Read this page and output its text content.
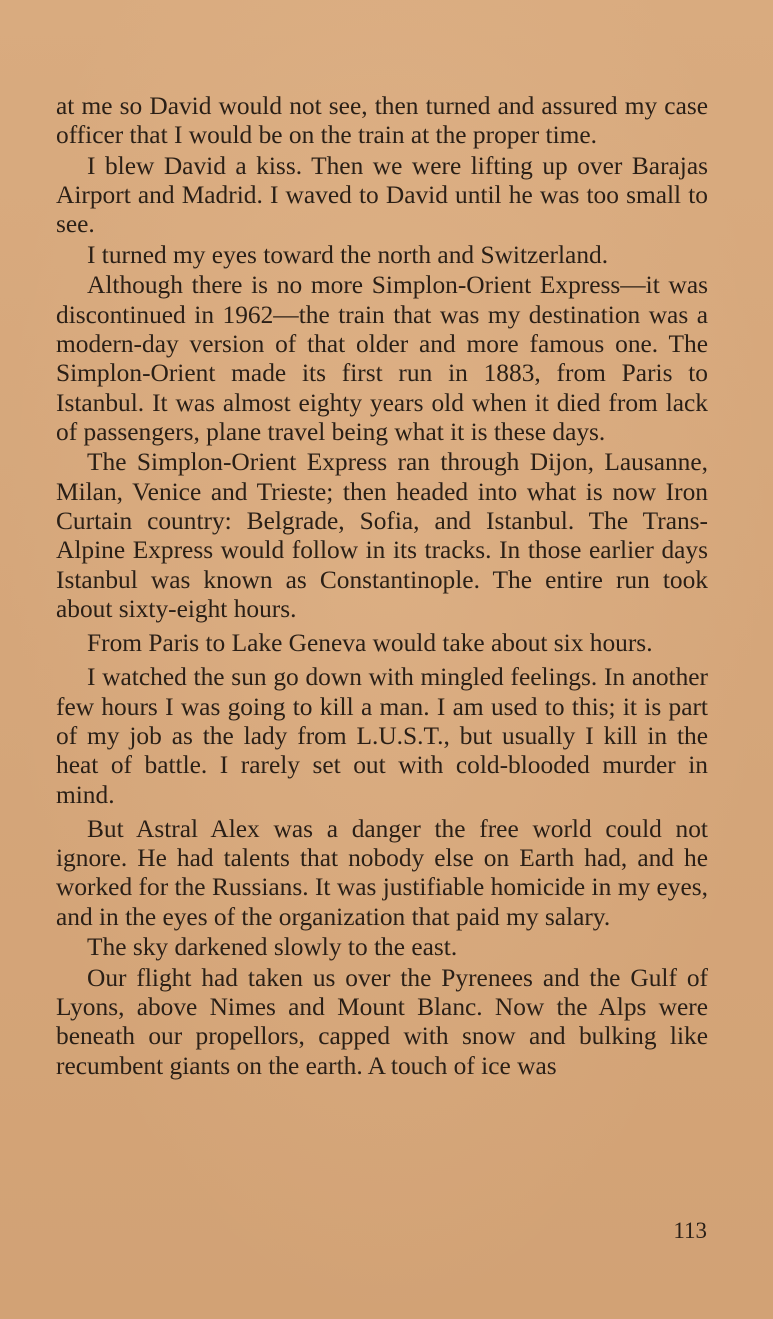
at me so David would not see, then turned and assured my case officer that I would be on the train at the proper time.

I blew David a kiss. Then we were lifting up over Barajas Airport and Madrid. I waved to David until he was too small to see.

I turned my eyes toward the north and Switzerland.

Although there is no more Simplon-Orient Express—it was discontinued in 1962—the train that was my destination was a modern-day version of that older and more famous one. The Simplon-Orient made its first run in 1883, from Paris to Istanbul. It was almost eighty years old when it died from lack of passengers, plane travel being what it is these days.

The Simplon-Orient Express ran through Dijon, Lausanne, Milan, Venice and Trieste; then headed into what is now Iron Curtain country: Belgrade, Sofia, and Istanbul. The Trans-Alpine Express would follow in its tracks. In those earlier days Istanbul was known as Constantinople. The entire run took about sixty-eight hours.

From Paris to Lake Geneva would take about six hours.

I watched the sun go down with mingled feelings. In another few hours I was going to kill a man. I am used to this; it is part of my job as the lady from L.U.S.T., but usually I kill in the heat of battle. I rarely set out with cold-blooded murder in mind.

But Astral Alex was a danger the free world could not ignore. He had talents that nobody else on Earth had, and he worked for the Russians. It was justifiable homicide in my eyes, and in the eyes of the organization that paid my salary.

The sky darkened slowly to the east.

Our flight had taken us over the Pyrenees and the Gulf of Lyons, above Nimes and Mount Blanc. Now the Alps were beneath our propellors, capped with snow and bulking like recumbent giants on the earth. A touch of ice was

113
